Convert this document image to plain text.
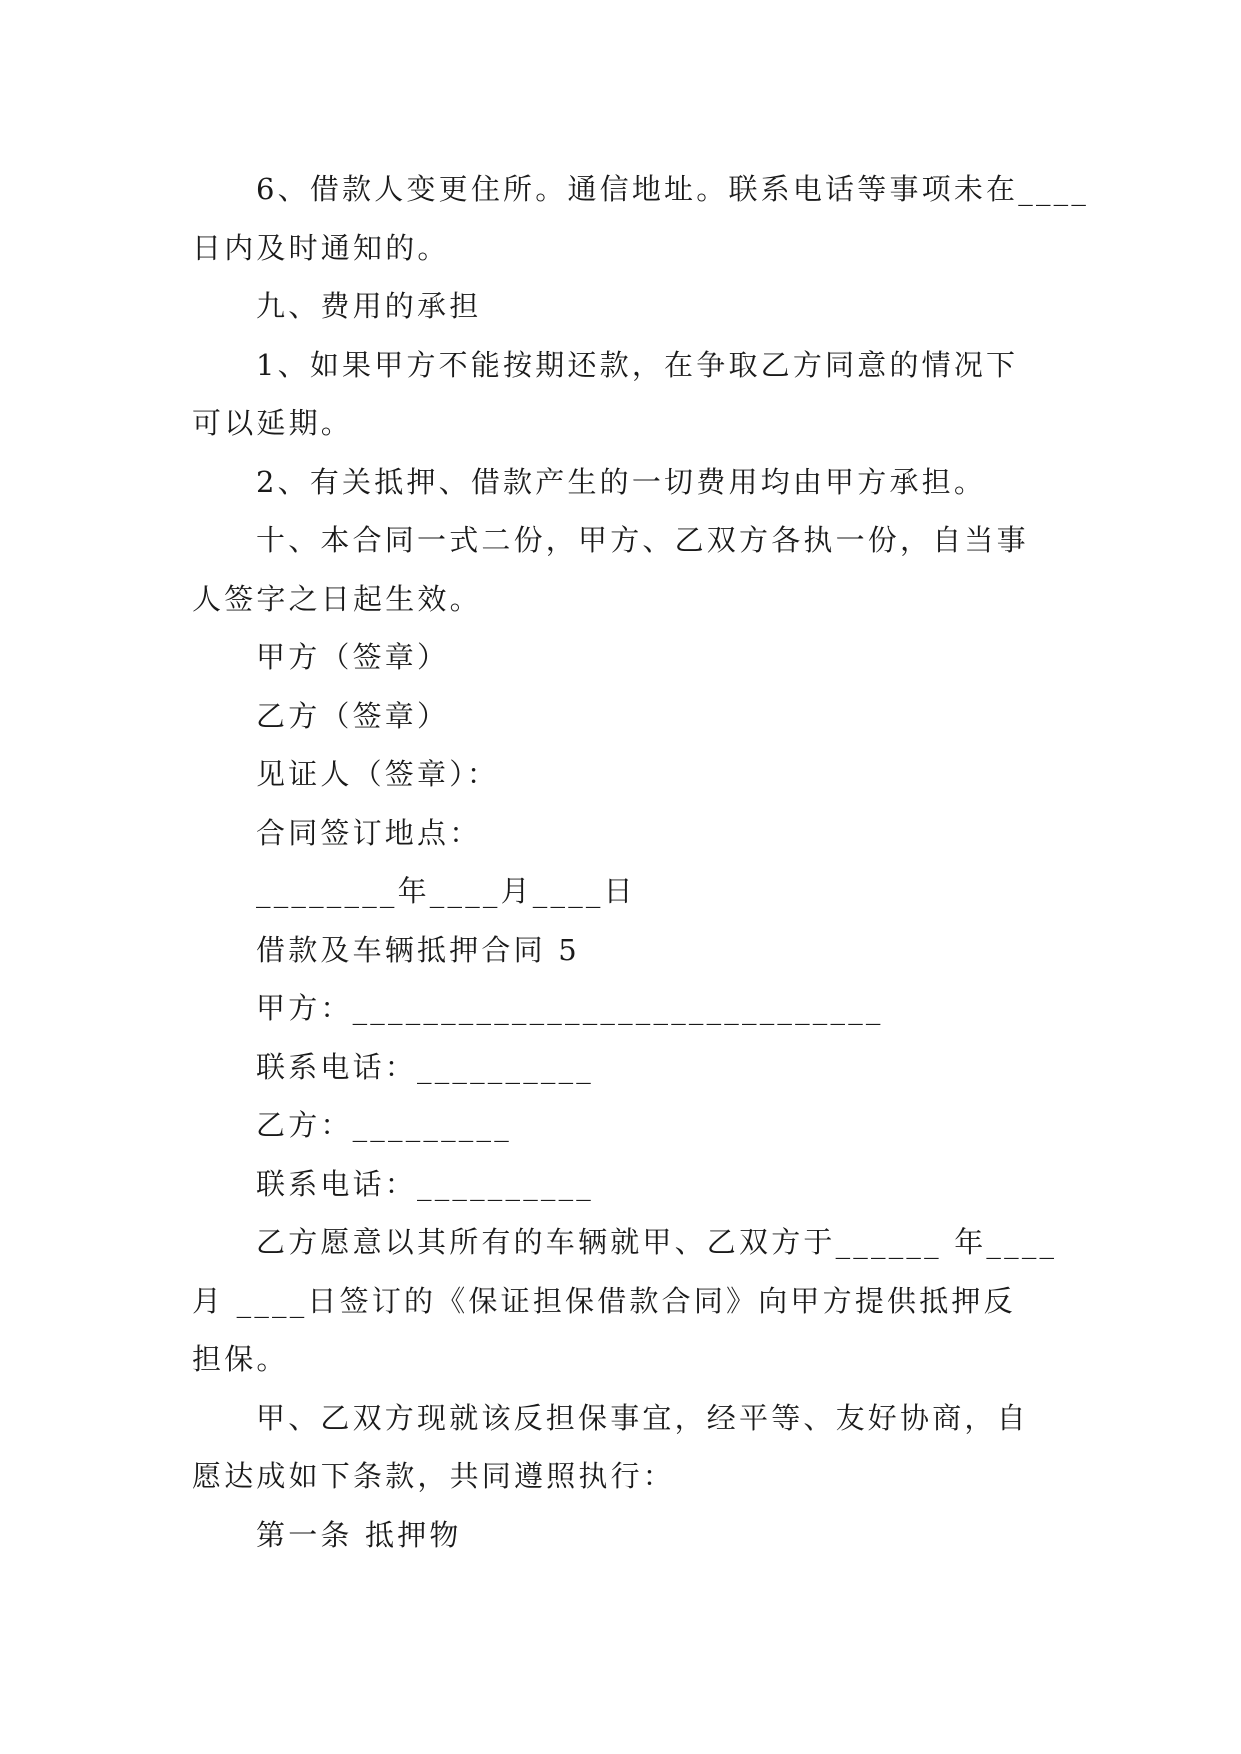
6、借款人变更住所。通信地址。联系电话等事项未在____
日内及时通知的。
九、费用的承担
1、如果甲方不能按期还款，在争取乙方同意的情况下
可以延期。
2、有关抵押、借款产生的一切费用均由甲方承担。
十、本合同一式二份，甲方、乙双方各执一份，自当事
人签字之日起生效。
甲方（签章）
乙方（签章）
见证人（签章）：
合同签订地点：
________年____月____日
借款及车辆抵押合同 5
甲方：______________________________
联系电话：__________
乙方：_________
联系电话：__________
乙方愿意以其所有的车辆就甲、乙双方于______ 年____
月 ____日签订的《保证担保借款合同》向甲方提供抵押反
担保。
甲、乙双方现就该反担保事宜，经平等、友好协商，自
愿达成如下条款，共同遵照执行：
第一条 抵押物
